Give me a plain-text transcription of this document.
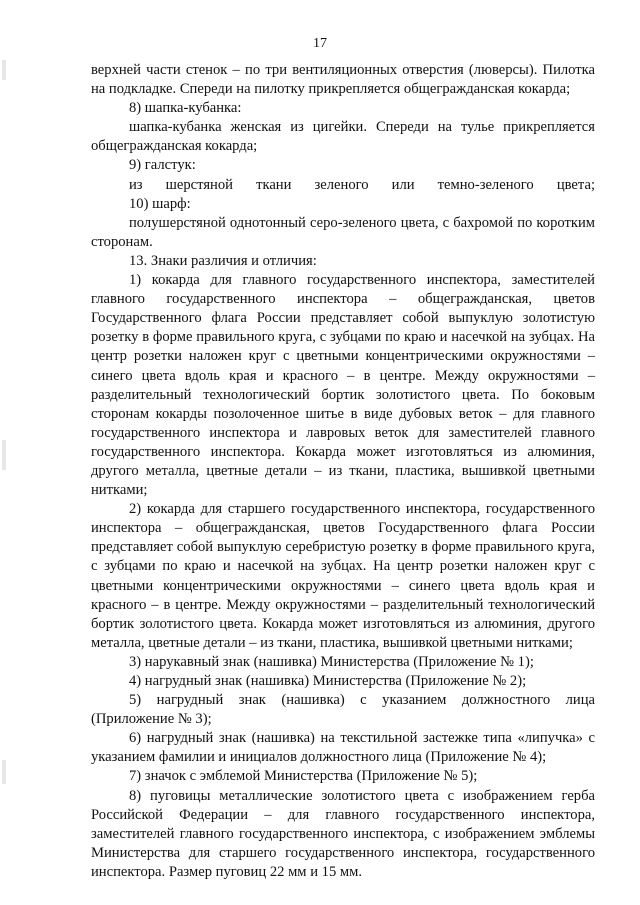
17

верхней части стенок – по три вентиляционных отверстия (люверсы). Пилотка на подкладке. Спереди на пилотку прикрепляется общегражданская кокарда;

8) шапка-кубанка:

шапка-кубанка женская из цигейки. Спереди на тулье прикрепляется общегражданская кокарда;

9) галстук:

из шерстяной ткани зеленого или темно-зеленого цвета;

10) шарф:

полушерстяной однотонный серо-зеленого цвета, с бахромой по коротким сторонам.

13. Знаки различия и отличия:

1) кокарда для главного государственного инспектора, заместителей главного государственного инспектора – общегражданская, цветов Государственного флага России представляет собой выпуклую золотистую розетку в форме правильного круга, с зубцами по краю и насечкой на зубцах. На центр розетки наложен круг с цветными концентрическими окружностями – синего цвета вдоль края и красного – в центре. Между окружностями – разделительный технологический бортик золотистого цвета. По боковым сторонам кокарды позолоченное шитье в виде дубовых веток – для главного государственного инспектора и лавровых веток для заместителей главного государственного инспектора. Кокарда может изготовляться из алюминия, другого металла, цветные детали – из ткани, пластика, вышивкой цветными нитками;

2) кокарда для старшего государственного инспектора, государственного инспектора – общегражданская, цветов Государственного флага России представляет собой выпуклую серебристую розетку в форме правильного круга, с зубцами по краю и насечкой на зубцах. На центр розетки наложен круг с цветными концентрическими окружностями – синего цвета вдоль края и красного – в центре. Между окружностями – разделительный технологический бортик золотистого цвета. Кокарда может изготовляться из алюминия, другого металла, цветные детали – из ткани, пластика, вышивкой цветными нитками;

3) нарукавный знак (нашивка) Министерства (Приложение № 1);

4) нагрудный знак (нашивка) Министерства (Приложение № 2);

5) нагрудный знак (нашивка) с указанием должностного лица (Приложение № 3);

6) нагрудный знак (нашивка) на текстильной застежке типа «липучка» с указанием фамилии и инициалов должностного лица (Приложение № 4);

7) значок с эмблемой Министерства (Приложение № 5);

8) пуговицы металлические золотистого цвета с изображением герба Российской Федерации – для главного государственного инспектора, заместителей главного государственного инспектора, с изображением эмблемы Министерства для старшего государственного инспектора, государственного инспектора. Размер пуговиц 22 мм и 15 мм.
